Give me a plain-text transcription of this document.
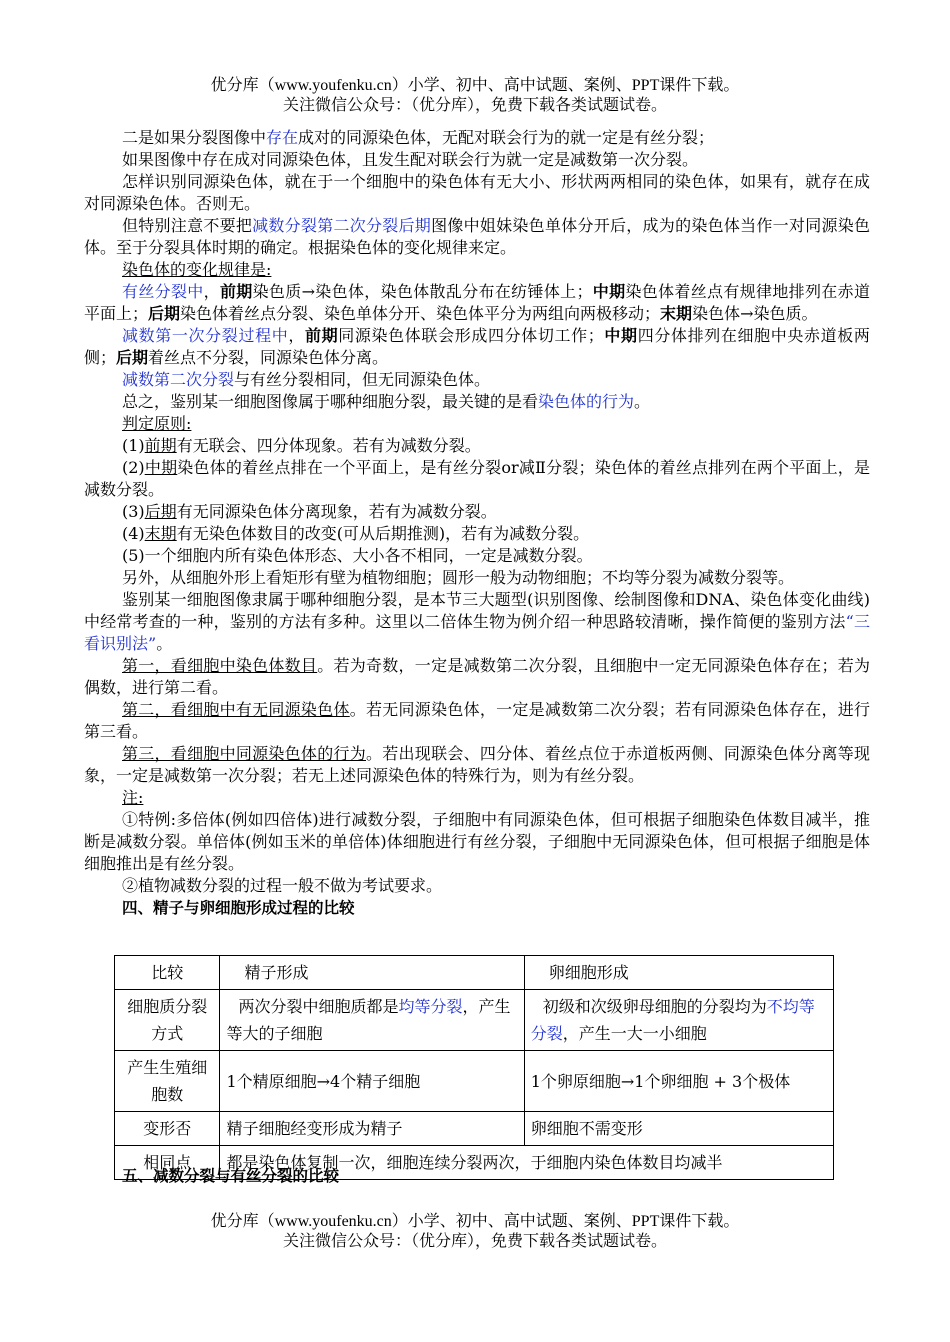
优分库（www.youfenku.cn）小学、初中、高中试题、案例、PPT课件下载。
关注微信公众号：（优分库），免费下载各类试题试卷。

二是如果分裂图像中存在成对的同源染色体，无配对联会行为的就一定是有丝分裂；

如果图像中存在成对同源染色体，且发生配对联会行为就一定是减数第一次分裂。

怎样识别同源染色体，就在于一个细胞中的染色体有无大小、形状两两相同的染色体，如果有，就存在成对同源染色体。否则无。

但特别注意不要把减数分裂第二次分裂后期图像中姐妹染色单体分开后，成为的染色体当作一对同源染色体。至于分裂具体时期的确定。根据染色体的变化规律来定。

染色体的变化规律是:

有丝分裂中，前期染色质→染色体，染色体散乱分布在纺锤体上；中期染色体着丝点有规律地排列在赤道平面上；后期染色体着丝点分裂、染色单体分开、染色体平分为两组向两极移动；末期染色体→染色质。

减数第一次分裂过程中，前期同源染色体联会形成四分体切工作；中期四分体排列在细胞中央赤道板两侧；后期着丝点不分裂，同源染色体分离。

减数第二次分裂与有丝分裂相同，但无同源染色体。

总之，鉴别某一细胞图像属于哪种细胞分裂，最关键的是看染色体的行为。

判定原则:

(1)前期有无联会、四分体现象。若有为减数分裂。

(2)中期染色体的着丝点排在一个平面上，是有丝分裂or减Ⅱ分裂；染色体的着丝点排列在两个平面上，是减数分裂。

(3)后期有无同源染色体分离现象，若有为减数分裂。

(4)末期有无染色体数目的改变(可从后期推测)，若有为减数分裂。

(5)一个细胞内所有染色体形态、大小各不相同，一定是减数分裂。

另外，从细胞外形上看矩形有壁为植物细胞；圆形一般为动物细胞；不均等分裂为减数分裂等。

鉴别某一细胞图像隶属于哪种细胞分裂，是本节三大题型(识别图像、绘制图像和DNA、染色体变化曲线)中经常考查的一种，鉴别的方法有多种。这里以二倍体生物为例介绍一种思路较清晰，操作简便的鉴别方法“三看识别法”。

第一，看细胞中染色体数目。若为奇数，一定是减数第二次分裂，且细胞中一定无同源染色体存在；若为偶数，进行第二看。

第二，看细胞中有无同源染色体。若无同源染色体，一定是减数第二次分裂；若有同源染色体存在，进行第三看。

第三，看细胞中同源染色体的行为。若出现联会、四分体、着丝点位于赤道板两侧、同源染色体分离等现象，一定是减数第一次分裂；若无上述同源染色体的特殊行为，则为有丝分裂。

注:

①特例:多倍体(例如四倍体)进行减数分裂，子细胞中有同源染色体，但可根据子细胞染色体数目减半，推断是减数分裂。单倍体(例如玉米的单倍体)体细胞进行有丝分裂，子细胞中无同源染色体，但可根据子细胞是体细胞推出是有丝分裂。

②植物减数分裂的过程一般不做为考试要求。

四、精子与卵细胞形成过程的比较

比较	精子形成	卵细胞形成
细胞质分裂方式	两次分裂中细胞质都是均等分裂，产生等大的子细胞	初级和次级卵母细胞的分裂均为不均等分裂，产生一大一小细胞
产生生殖细胞数	1个精原细胞→4个精子细胞	1个卵原细胞→1个卵细胞 + 3个极体
变形否	精子细胞经变形成为精子	卵细胞不需变形
相同点	都是染色体复制一次，细胞连续分裂两次，于细胞内染色体数目均减半	
五、减数分裂与有丝分裂的比较
优分库（www.youfenku.cn）小学、初中、高中试题、案例、PPT课件下载。
关注微信公众号：（优分库），免费下载各类试题试卷。
